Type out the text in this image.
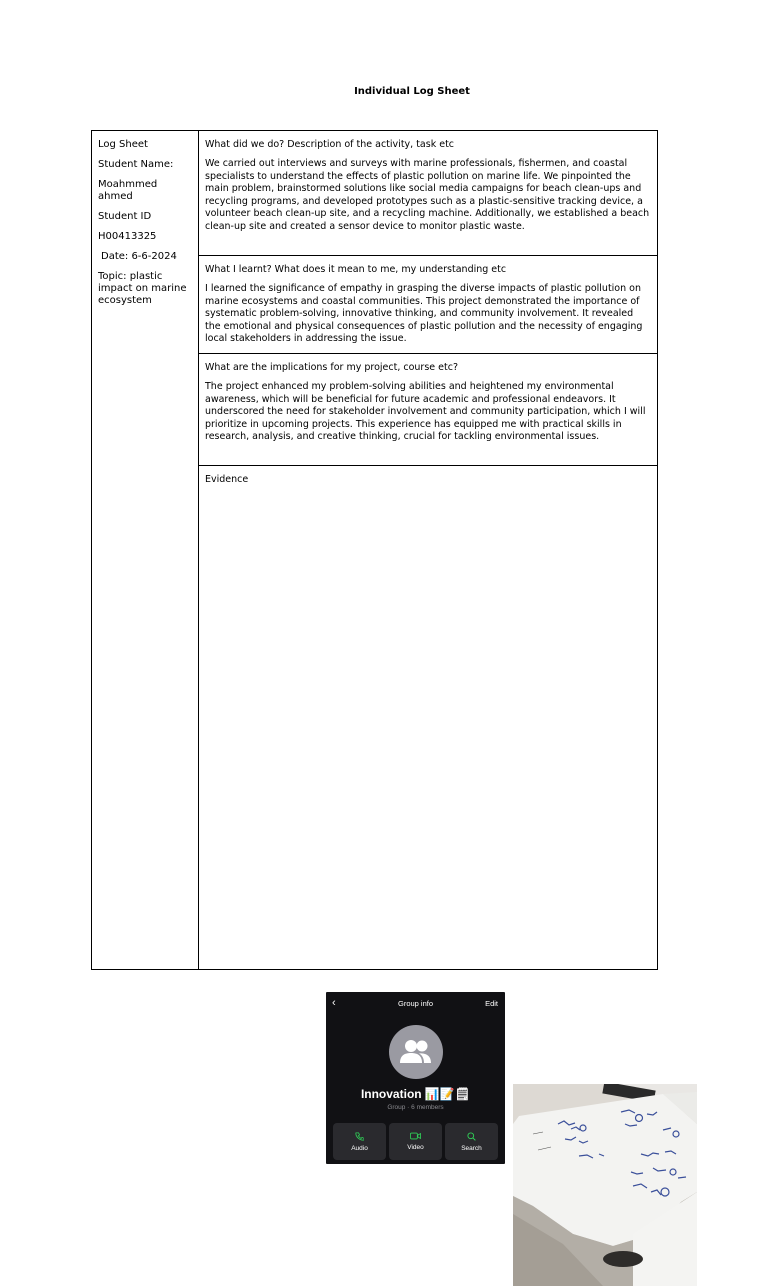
Individual Log Sheet
Log Sheet
Student Name:
Moahmmed ahmed
Student ID
H00413325
Date: 6-6-2024
Topic: plastic impact on marine ecosystem
What did we do? Description of the activity, task etc
We carried out interviews and surveys with marine professionals, fishermen, and coastal specialists to understand the effects of plastic pollution on marine life. We pinpointed the main problem, brainstormed solutions like social media campaigns for beach clean-ups and recycling programs, and developed prototypes such as a plastic-sensitive tracking device, a volunteer beach clean-up site, and a recycling machine. Additionally, we established a beach clean-up site and created a sensor device to monitor plastic waste.
What I learnt? What does it mean to me, my understanding etc
I learned the significance of empathy in grasping the diverse impacts of plastic pollution on marine ecosystems and coastal communities. This project demonstrated the importance of systematic problem-solving, innovative thinking, and community involvement. It revealed the emotional and physical consequences of plastic pollution and the necessity of engaging local stakeholders in addressing the issue.
What are the implications for my project, course etc?
The project enhanced my problem-solving abilities and heightened my environmental awareness, which will be beneficial for future academic and professional endeavors. It underscored the need for stakeholder involvement and community participation, which I will prioritize in upcoming projects. This experience has equipped me with practical skills in research, analysis, and creative thinking, crucial for tackling environmental issues.
Evidence
‹	Group info	Edit
Innovation 📊📝🗒
Group · 6 members
Audio	Video	Search
